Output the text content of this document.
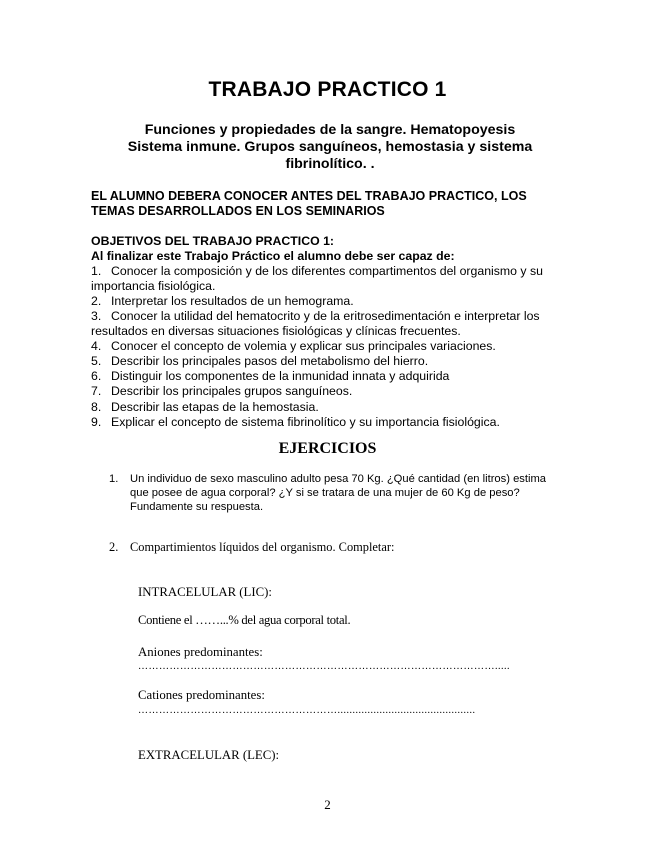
TRABAJO PRACTICO 1
Funciones y propiedades de la sangre. Hematopoyesis
Sistema inmune. Grupos sanguíneos, hemostasia y sistema
fibrinolítico. .
EL ALUMNO DEBERA CONOCER ANTES DEL TRABAJO PRACTICO, LOS
TEMAS DESARROLLADOS EN LOS SEMINARIOS
OBJETIVOS DEL TRABAJO PRACTICO 1:
Al finalizar este Trabajo Práctico el alumno debe ser capaz de:
1. Conocer la composición y de los diferentes compartimentos del organismo y su importancia fisiológica.
2. Interpretar los resultados de un hemograma.
3. Conocer la utilidad del hematocrito y de la eritrosedimentación e interpretar los resultados en diversas situaciones fisiológicas y clínicas frecuentes.
4. Conocer el concepto de volemia y explicar sus principales variaciones.
5. Describir los principales pasos del metabolismo del hierro.
6. Distinguir los componentes de la inmunidad innata y adquirida
7. Describir los principales grupos sanguíneos.
8. Describir las etapas de la hemostasia.
9. Explicar el concepto de sistema fibrinolítico y su importancia fisiológica.
EJERCICIOS
1. Un individuo de sexo masculino adulto pesa 70 Kg. ¿Qué cantidad (en litros) estima que posee de agua corporal? ¿Y si se tratara de una mujer de 60 Kg de peso? Fundamente su respuesta.
2. Compartimientos líquidos del organismo. Completar:
INTRACELULAR (LIC):
Contiene el ……...% del agua corporal total.
Aniones predominantes:
………………………………………………………………………………………….....
Cationes predominantes:
…………………………………………………..............................................
EXTRACELULAR (LEC):
2
